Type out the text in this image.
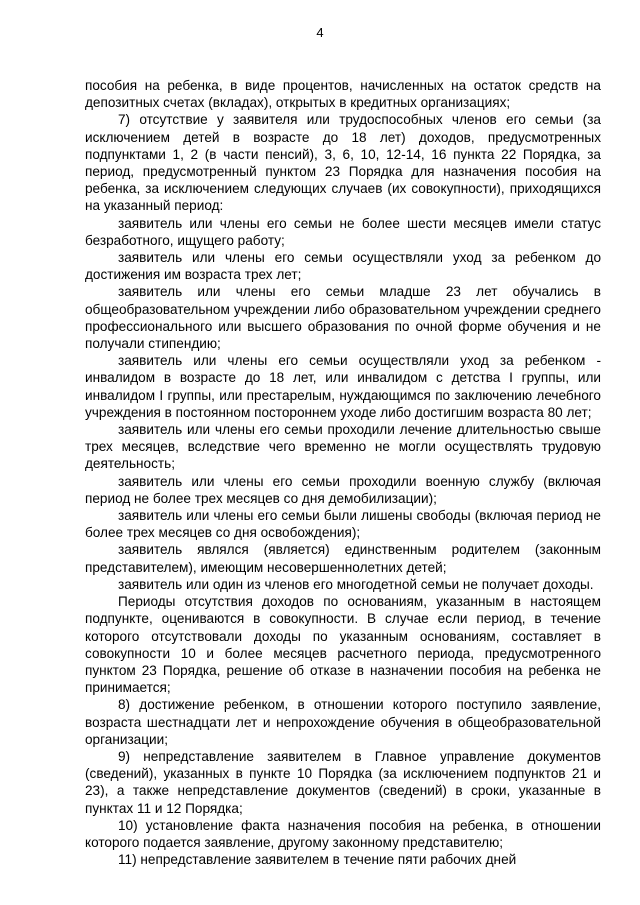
4

пособия на ребенка, в виде процентов, начисленных на остаток средств на депозитных счетах (вкладах), открытых в кредитных организациях;

7) отсутствие у заявителя или трудоспособных членов его семьи (за исключением детей в возрасте до 18 лет) доходов, предусмотренных подпунктами 1, 2 (в части пенсий), 3, 6, 10, 12-14, 16 пункта 22 Порядка, за период, предусмотренный пунктом 23 Порядка для назначения пособия на ребенка, за исключением следующих случаев (их совокупности), приходящихся на указанный период:

заявитель или члены его семьи не более шести месяцев имели статус безработного, ищущего работу;

заявитель или члены его семьи осуществляли уход за ребенком до достижения им возраста трех лет;

заявитель или члены его семьи младше 23 лет обучались в общеобразовательном учреждении либо образовательном учреждении среднего профессионального или высшего образования по очной форме обучения и не получали стипендию;

заявитель или члены его семьи осуществляли уход за ребенком - инвалидом в возрасте до 18 лет, или инвалидом с детства I группы, или инвалидом I группы, или престарелым, нуждающимся по заключению лечебного учреждения в постоянном постороннем уходе либо достигшим возраста 80 лет;

заявитель или члены его семьи проходили лечение длительностью свыше трех месяцев, вследствие чего временно не могли осуществлять трудовую деятельность;

заявитель или члены его семьи проходили военную службу (включая период не более трех месяцев со дня демобилизации);

заявитель или члены его семьи были лишены свободы (включая период не более трех месяцев со дня освобождения);

заявитель являлся (является) единственным родителем (законным представителем), имеющим несовершеннолетних детей;

заявитель или один из членов его многодетной семьи не получает доходы.

Периоды отсутствия доходов по основаниям, указанным в настоящем подпункте, оцениваются в совокупности. В случае если период, в течение которого отсутствовали доходы по указанным основаниям, составляет в совокупности 10 и более месяцев расчетного периода, предусмотренного пунктом 23 Порядка, решение об отказе в назначении пособия на ребенка не принимается;

8) достижение ребенком, в отношении которого поступило заявление, возраста шестнадцати лет и непрохождение обучения в общеобразовательной организации;

9) непредставление заявителем в Главное управление документов (сведений), указанных в пункте 10 Порядка (за исключением подпунктов 21 и 23), а также непредставление документов (сведений) в сроки, указанные в пунктах 11 и 12 Порядка;

10) установление факта назначения пособия на ребенка, в отношении которого подается заявление, другому законному представителю;

11) непредставление заявителем в течение пяти рабочих дней
